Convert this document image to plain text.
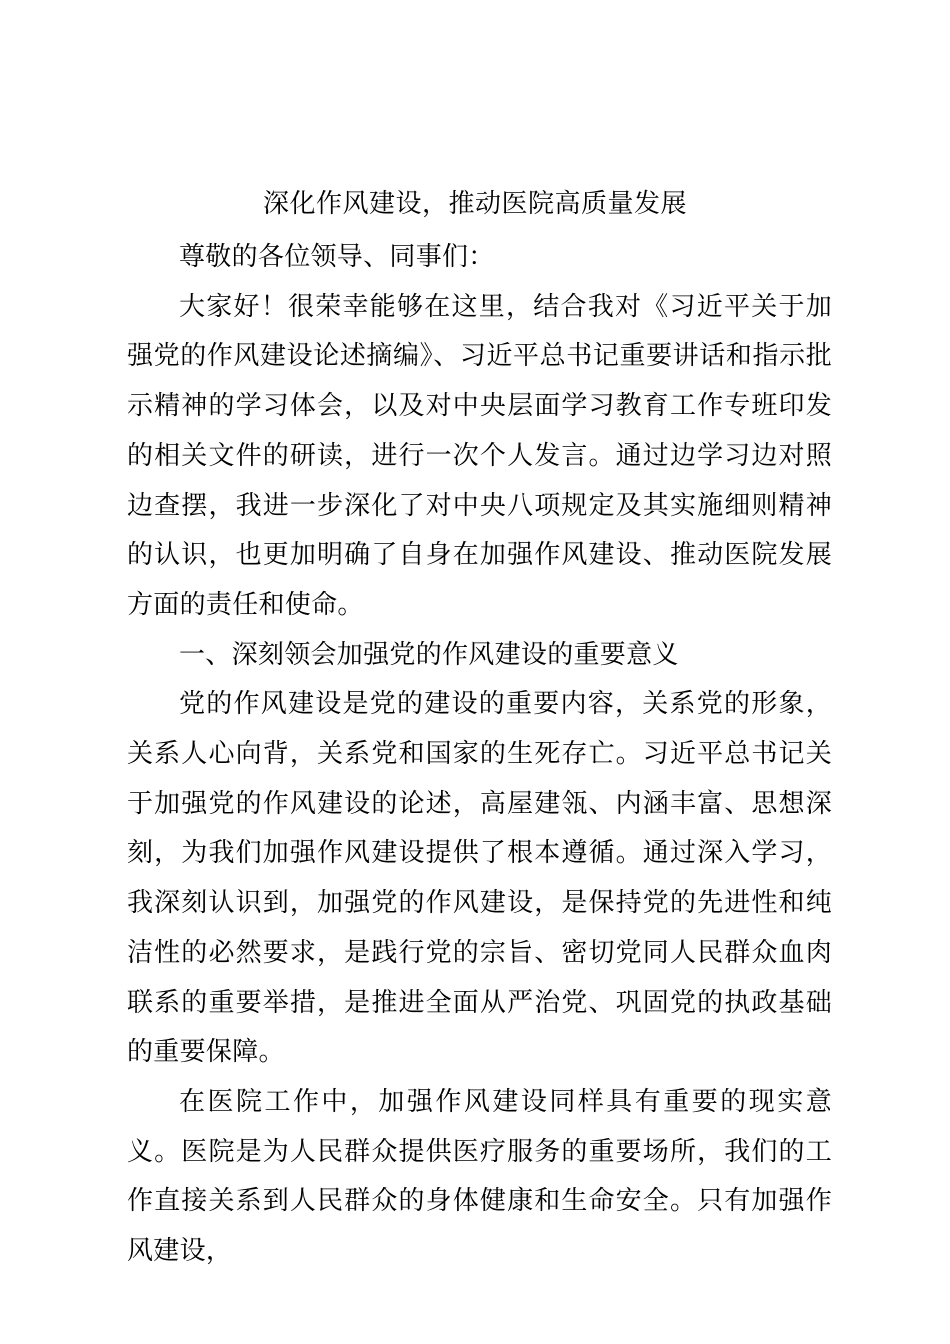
深化作风建设，推动医院高质量发展

尊敬的各位领导、同事们：

大家好！很荣幸能够在这里，结合我对《习近平关于加强党的作风建设论述摘编》、习近平总书记重要讲话和指示批示精神的学习体会，以及对中央层面学习教育工作专班印发的相关文件的研读，进行一次个人发言。通过边学习边对照边查摆，我进一步深化了对中央八项规定及其实施细则精神的认识，也更加明确了自身在加强作风建设、推动医院发展方面的责任和使命。

一、深刻领会加强党的作风建设的重要意义

党的作风建设是党的建设的重要内容，关系党的形象，关系人心向背，关系党和国家的生死存亡。习近平总书记关于加强党的作风建设的论述，高屋建瓴、内涵丰富、思想深刻，为我们加强作风建设提供了根本遵循。通过深入学习，我深刻认识到，加强党的作风建设，是保持党的先进性和纯洁性的必然要求，是践行党的宗旨、密切党同人民群众血肉联系的重要举措，是推进全面从严治党、巩固党的执政基础的重要保障。

在医院工作中，加强作风建设同样具有重要的现实意义。医院是为人民群众提供医疗服务的重要场所，我们的工作直接关系到人民群众的身体健康和生命安全。只有加强作风建设，
